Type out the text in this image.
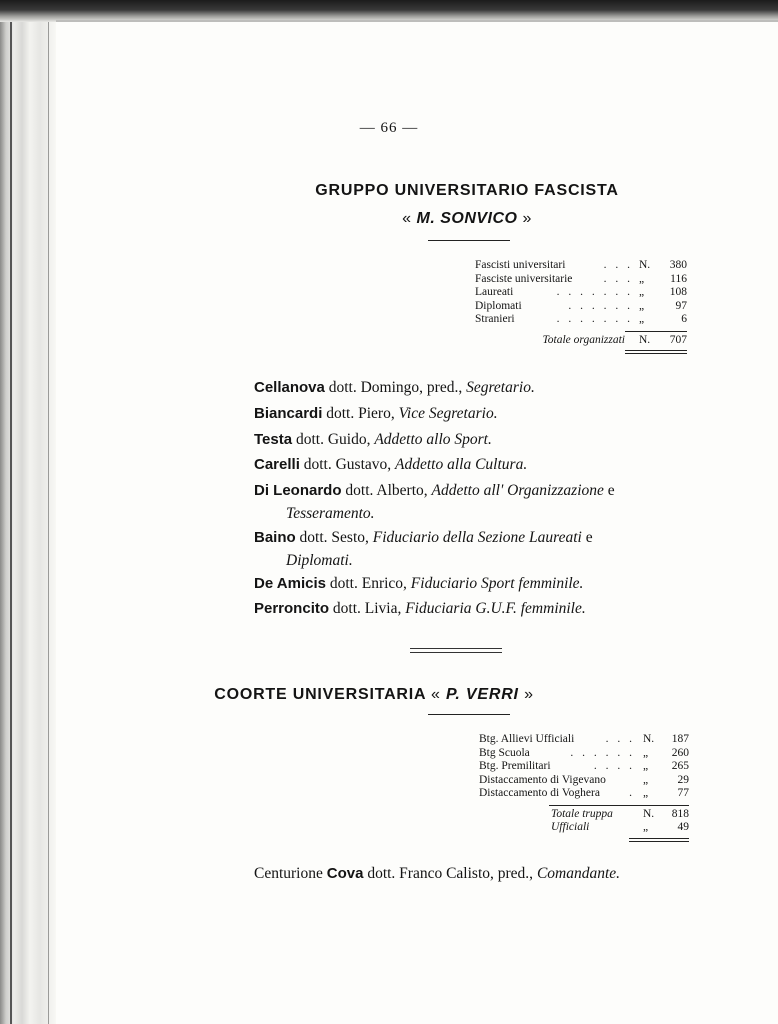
— 66 —
GRUPPO UNIVERSITARIO FASCISTA
« M. SONVICO »
Fascisti universitari	. . . N. 380
Fasciste universitarie	. . . „ 116
Laureati	. . . . . . . „ 108
Diplomati	. . . . . . „	97
Stranieri	. . . . . . . „	6
Totale organizzati N. 707
Cellanova dott. Domingo, pred., Segretario.
Biancardi dott. Piero, Vice Segretario.
Testa dott. Guido, Addetto allo Sport.
Carelli dott. Gustavo, Addetto alla Cultura.
Di Leonardo dott. Alberto, Addetto all' Organizzazione e
Tesseramento.
Baino dott. Sesto, Fiduciario della Sezione Laureati e
Diplomati.
De Amicis dott. Enrico, Fiduciario Sport femminile.
Perroncito dott. Livia, Fiduciaria G.U.F. femminile.
COORTE UNIVERSITARIA « P. VERRI »
Btg. Allievi Ufficiali	. . . N. 187
Btg Scuola	. . . . . . „ 260
Btg. Premilitari	. . . . „ 265
Distaccamento di Vigevano	„	29
Distaccamento di Voghera	. „	77
Totale truppa	N. 818
Ufficiali	„	49
Centurione Cova dott. Franco Calisto, pred., Comandante.
